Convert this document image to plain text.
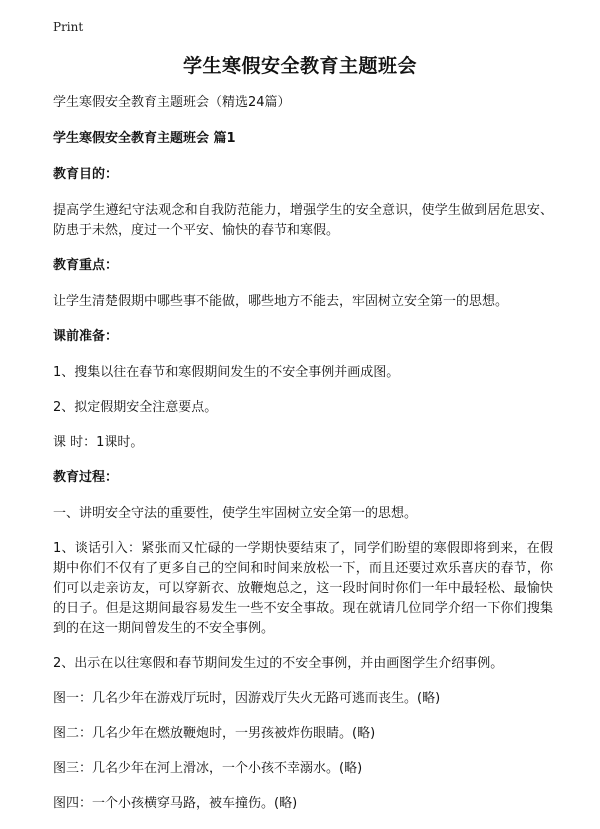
Print
学生寒假安全教育主题班会
学生寒假安全教育主题班会（精选24篇）
学生寒假安全教育主题班会 篇1
教育目的：
提高学生遵纪守法观念和自我防范能力，增强学生的安全意识，使学生做到居危思安、防患于未然，度过一个平安、愉快的春节和寒假。
教育重点：
让学生清楚假期中哪些事不能做，哪些地方不能去，牢固树立安全第一的思想。
课前准备：
1、搜集以往在春节和寒假期间发生的不安全事例并画成图。
2、拟定假期安全注意要点。
课 时：1课时。
教育过程：
一、讲明安全守法的重要性，使学生牢固树立安全第一的思想。
1、谈话引入：紧张而又忙碌的一学期快要结束了，同学们盼望的寒假即将到来，在假期中你们不仅有了更多自己的空间和时间来放松一下，而且还要过欢乐喜庆的春节，你们可以走亲访友，可以穿新衣、放鞭炮总之，这一段时间时你们一年中最轻松、最愉快的日子。但是这期间最容易发生一些不安全事故。现在就请几位同学介绍一下你们搜集到的在这一期间曾发生的不安全事例。
2、出示在以往寒假和春节期间发生过的不安全事例，并由画图学生介绍事例。
图一：几名少年在游戏厅玩时，因游戏厅失火无路可逃而丧生。(略)
图二：几名少年在燃放鞭炮时，一男孩被炸伤眼睛。(略)
图三：几名少年在河上滑冰，一个小孩不幸溺水。(略)
图四：一个小孩横穿马路，被车撞伤。(略)
